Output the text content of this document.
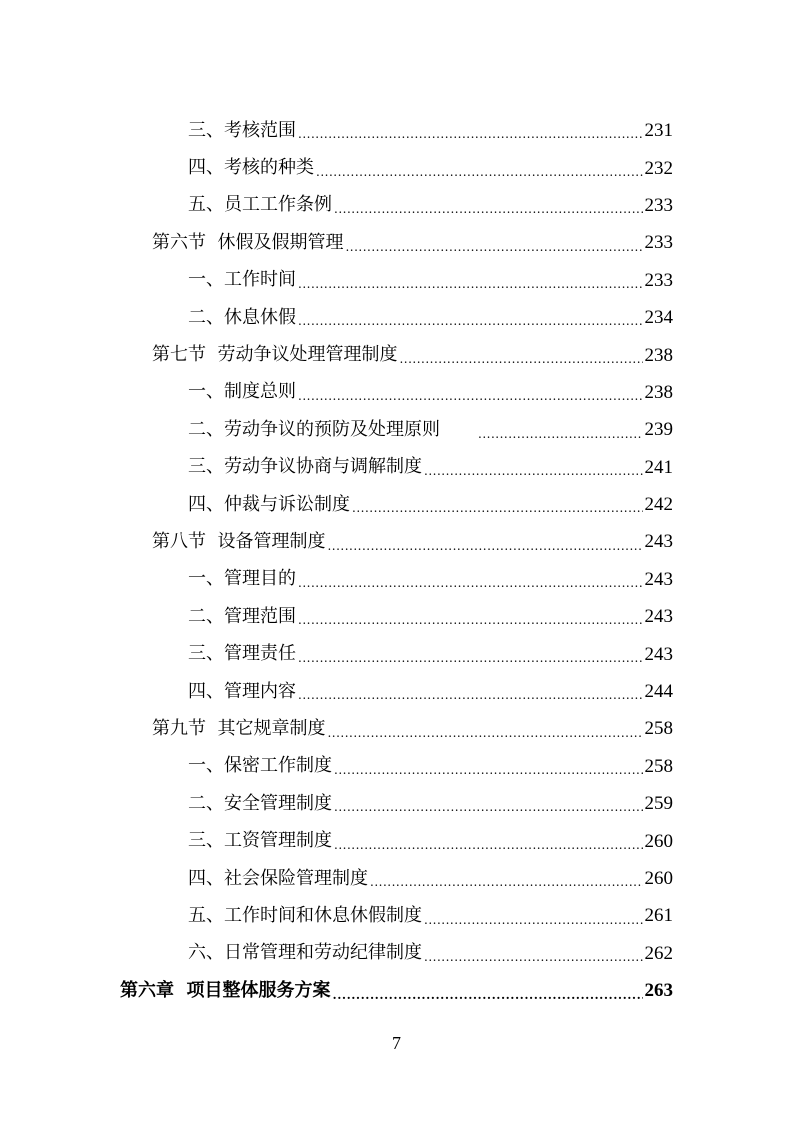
三、考核范围 .....	231
四、考核的种类 .....	232
五、员工工作条例 .....	233
第六节  休假及假期管理 .....	233
一、工作时间 .....	233
二、休息休假 .....	234
第七节  劳动争议处理管理制度 .....	238
一、制度总则 .....	238
二、劳动争议的预防及处理原则 .....	239
三、劳动争议协商与调解制度 .....	241
四、仲裁与诉讼制度 .....	242
第八节  设备管理制度 .....	243
一、管理目的 .....	243
二、管理范围 .....	243
三、管理责任 .....	243
四、管理内容 .....	244
第九节  其它规章制度 .....	258
一、保密工作制度 .....	258
二、安全管理制度 .....	259
三、工资管理制度 .....	260
四、社会保险管理制度 .....	260
五、工作时间和休息休假制度 .....	261
六、日常管理和劳动纪律制度 .....	262
第六章  项目整体服务方案 .....	263
7
